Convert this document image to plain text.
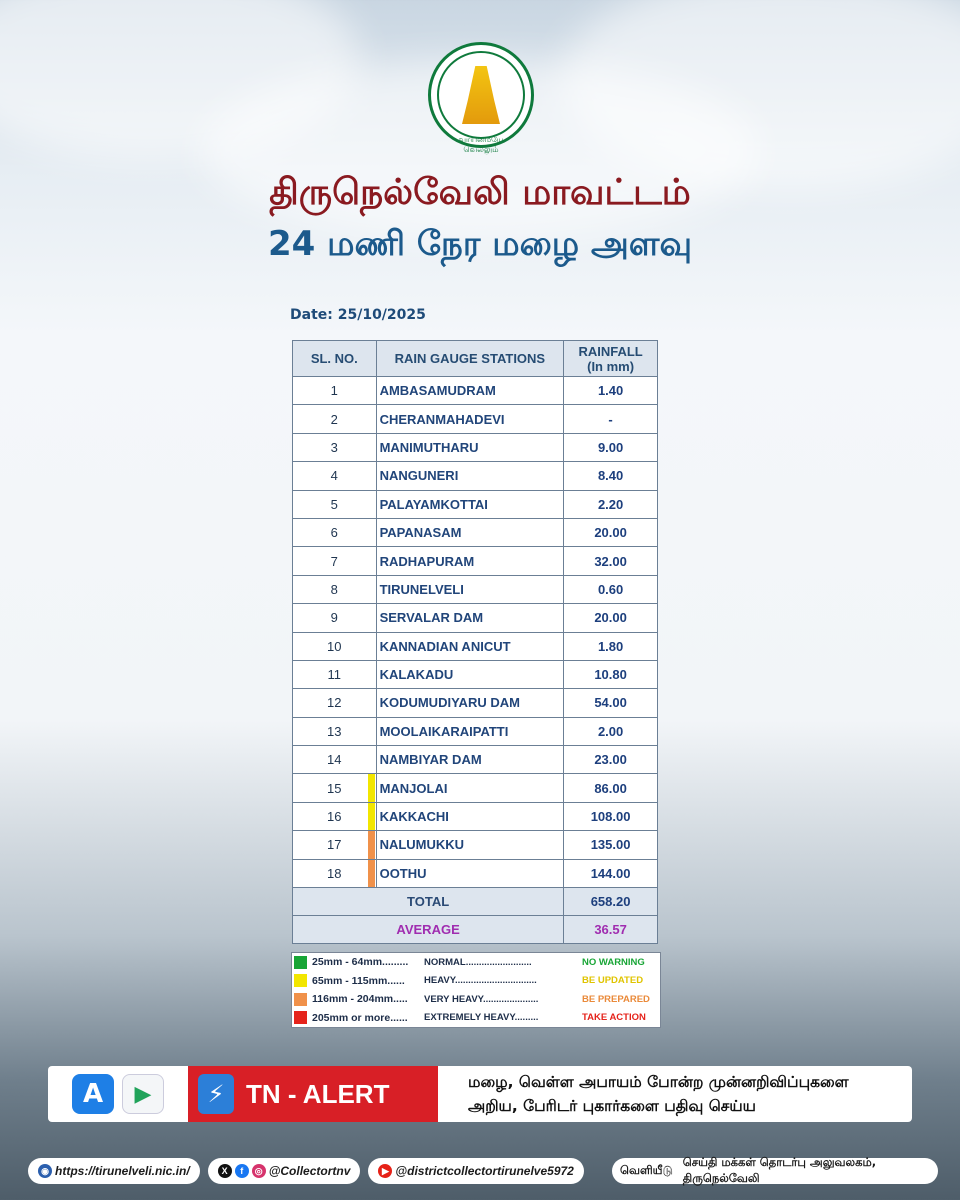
வாய்மையே வெல்லும்
திருநெல்வேலி மாவட்டம்
24 மணி நேர மழை அளவு
Date: 25/10/2025
SL. NO.	RAIN GAUGE STATIONS	RAINFALL
(In mm)

1	AMBASAMUDRAM	1.40
2	CHERANMAHADEVI	-
3	MANIMUTHARU	9.00
4	NANGUNERI	8.40
5	PALAYAMKOTTAI	2.20
6	PAPANASAM	20.00
7	RADHAPURAM	32.00
8	TIRUNELVELI	0.60
9	SERVALAR DAM	20.00
10	KANNADIAN ANICUT	1.80
11	KALAKADU	10.80
12	KODUMUDIYARU DAM	54.00
13	MOOLAIKARAIPATTI	2.00
14	NAMBIYAR DAM	23.00
15	MANJOLAI	86.00
16	KAKKACHI	108.00
17	NALUMUKKU	135.00
18	OOTHU	144.00
TOTAL		658.20
AVERAGE		36.57
25mm - 64mm.........	NORMAL.........................	NO WARNING
65mm - 115mm......	HEAVY...............................	BE UPDATED
116mm - 204mm.....	VERY HEAVY.....................	BE PREPARED
205mm or more......	EXTREMELY HEAVY.........	TAKE ACTION
A	▶	⚡ TN - ALERT	மழை, வெள்ள அபாயம் போன்ற முன்னறிவிப்புகளை
அறிய, பேரிடர் புகார்களை பதிவு செய்ய
◉ https://tirunelveli.nic.in/	X	f	◎ @Collectortnv	▶ @districtcollectortirunelve5972	வெளியீடு
செய்தி மக்கள் தொடர்பு அலுவலகம், திருநெல்வேலி
